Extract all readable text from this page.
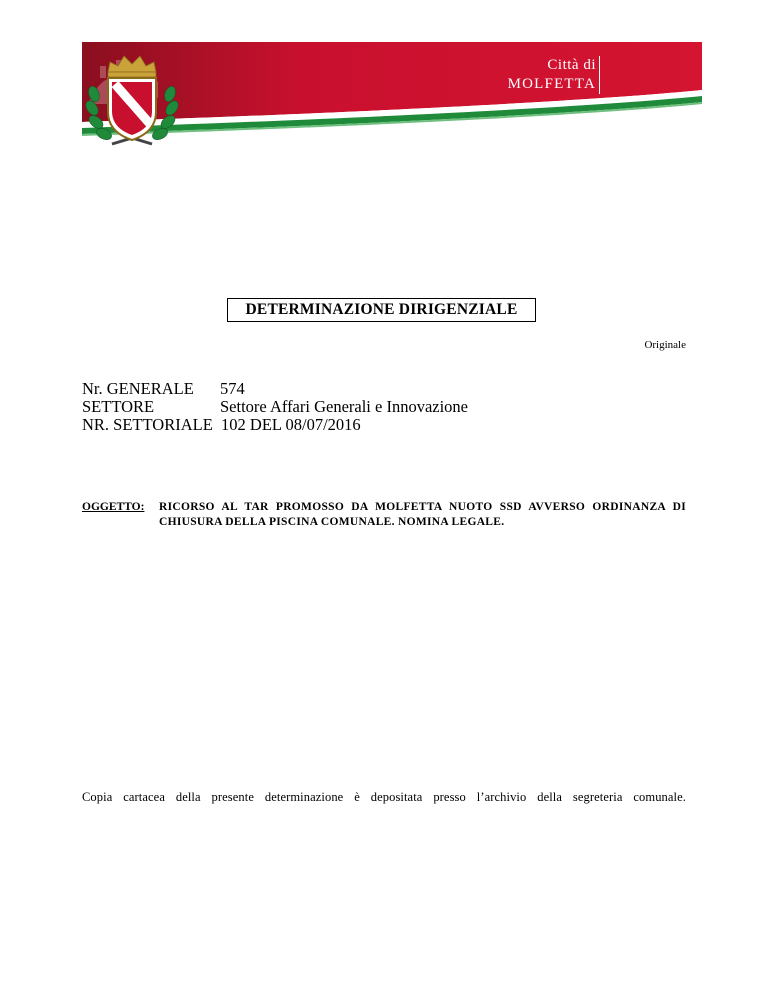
Città di
MOLFETTA
DETERMINAZIONE DIRIGENZIALE
Originale
Nr. GENERALE 574
SETTORE	Settore Affari Generali e Innovazione
NR. SETTORIALE 102 DEL 08/07/2016
OGGETTO: RICORSO AL TAR PROMOSSO DA MOLFETTA NUOTO SSD AVVERSO ORDINANZA DI CHIUSURA DELLA PISCINA COMUNALE. NOMINA LEGALE.
Copia cartacea della presente determinazione è depositata presso l’archivio della segreteria comunale.
